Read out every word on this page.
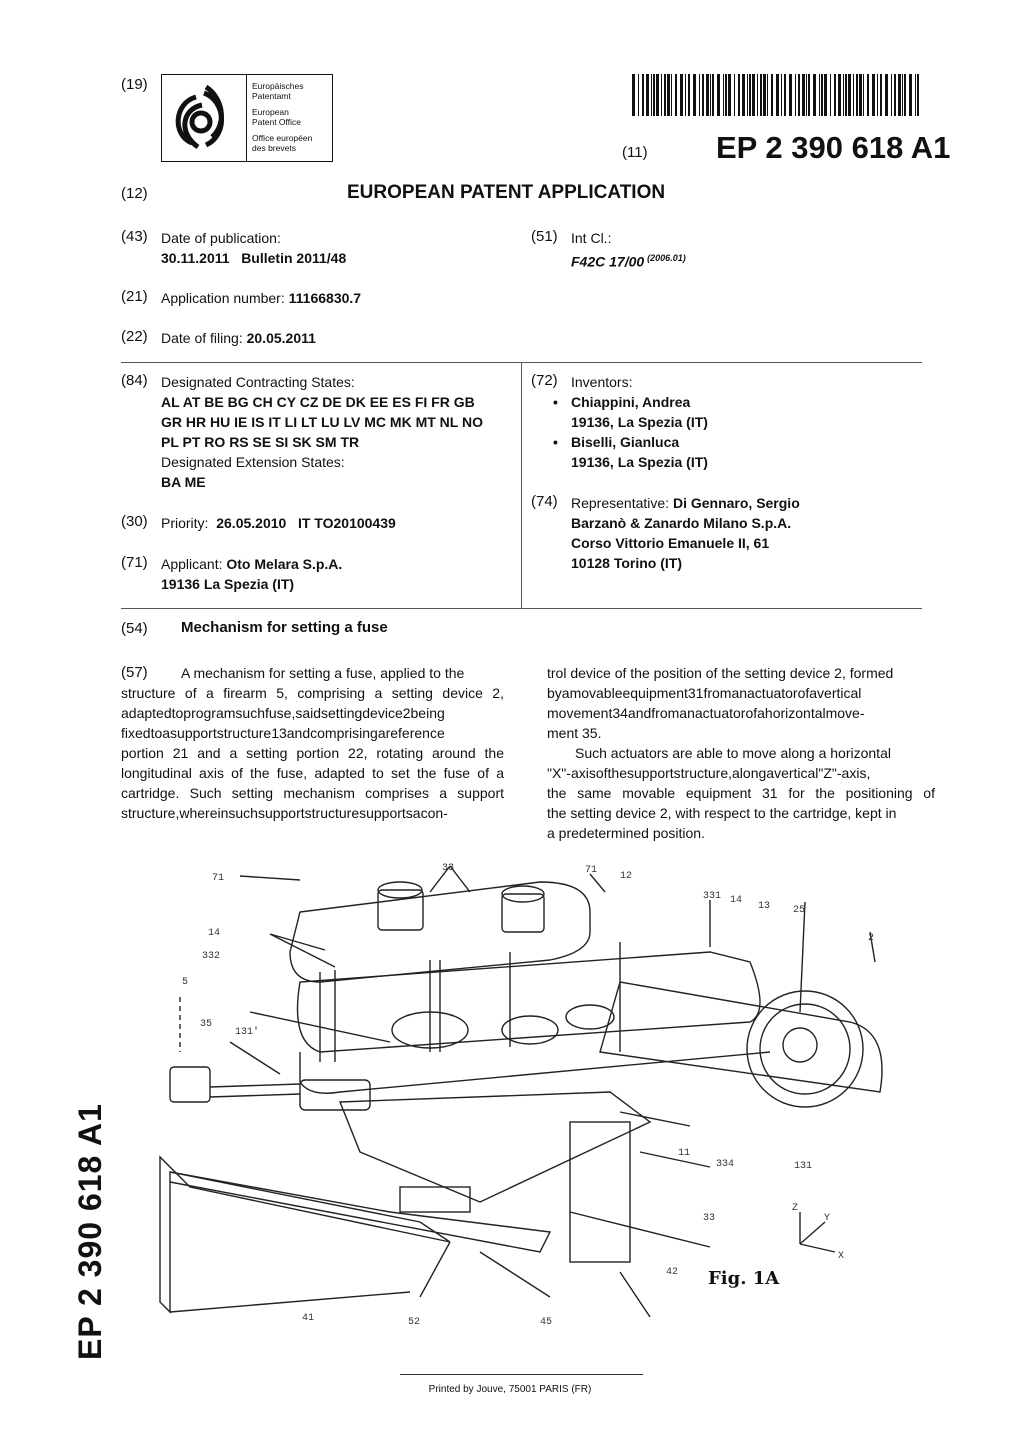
(19)	Europäisches
Patentamt
European
Patent Office
Office européen
des brevets	(11) EP 2 390 618 A1
(12)	EUROPEAN PATENT APPLICATION
(43) Date of publication:
30.11.2011   Bulletin 2011/48
(51) Int Cl.:
F42C 17/00 $^{(2006.01)}$
(21) Application number: 11166830.7
(22) Date of filing: 20.05.2011
(84) Designated Contracting States:
AL AT BE BG CH CY CZ DE DK EE ES FI FR GB
GR HR HU IE IS IT LI LT LU LV MC MK MT NL NO
PL PT RO RS SE SI SK SM TR
Designated Extension States:
BA ME
(30) Priority: 26.05.2010   IT TO20100439
(71) Applicant: Oto Melara S.p.A.
19136 La Spezia (IT)
(72) Inventors:
• Chiappini, Andrea
19136, La Spezia (IT)
• Biselli, Gianluca
19136, La Spezia (IT)
(74) Representative: Di Gennaro, Sergio
Barzanò & Zanardo Milano S.p.A.
Corso Vittorio Emanuele II, 61
10128 Torino (IT)
(54) Mechanism for setting a fuse
(57)	A mechanism for setting a fuse, applied to the
structure of a firearm 5, comprising a setting device 2,
adaptedtoprogramsuchfuse,saidsettingdevice2being
fixedtoasupportstructure13andcomprisingareference
portion 21 and a setting portion 22, rotating around the
longitudinal axis of the fuse, adapted to set the fuse of a
cartridge. Such setting mechanism comprises a support
structure,whereinsuchsupportstructuresupportsacon-
trol device of the position of the setting device 2, formed
byamovableequipment31fromanactuatorofavertical
movement34andfromanactuatorofahorizontalmove-
ment 35.
Such actuators are able to move along a horizontal
"X"-axisofthesupportstructure,alongavertical"Z"-axis,
the same movable equipment 31 for the positioning of
the setting device 2, with respect to the cartridge, kept in
a predetermined position.
71
33	71
12
331 14
13 25
2
14
332
5
35
131'
11
334	131
33
42
41	52	45
Z
Y
X
Fig. 1A
EP 2 390 618 A1
Printed by Jouve, 75001 PARIS (FR)
